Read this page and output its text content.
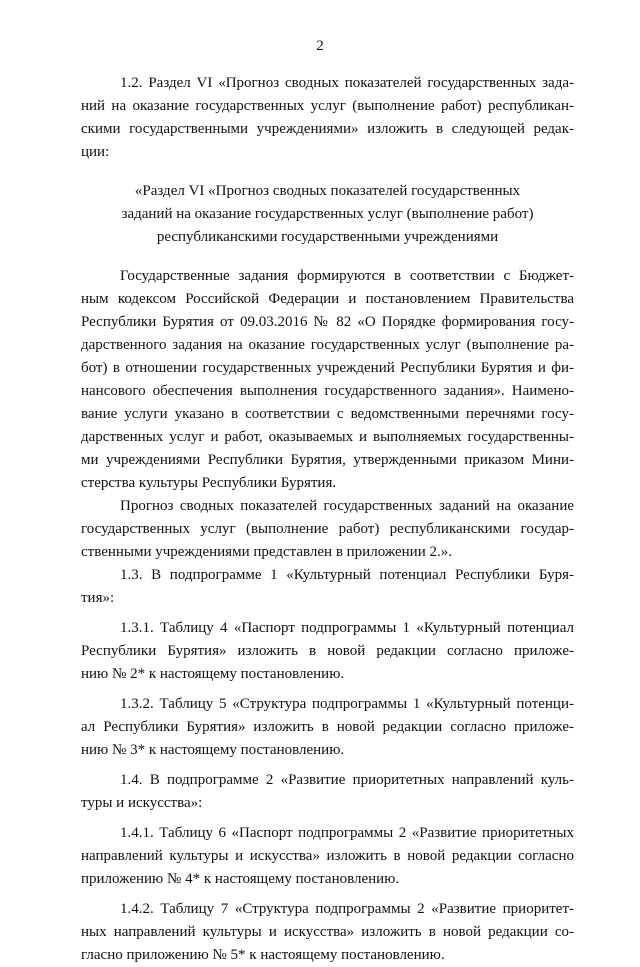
2
1.2. Раздел VI «Прогноз сводных показателей государственных зада-
ний на оказание государственных услуг (выполнение работ) республикан-
скими государственными учреждениями» изложить в следующей редак-
ции:
«Раздел VI «Прогноз сводных показателей государственных
заданий на оказание государственных услуг (выполнение работ)
республиканскими государственными учреждениями
Государственные задания формируются в соответствии с Бюджет-
ным кодексом Российской Федерации и постановлением Правительства
Республики Бурятия от 09.03.2016 № 82 «О Порядке формирования госу-
дарственного задания на оказание государственных услуг (выполнение ра-
бот) в отношении государственных учреждений Республики Бурятия и фи-
нансового обеспечения выполнения государственного задания». Наимено-
вание услуги указано в соответствии с ведомственными перечнями госу-
дарственных услуг и работ, оказываемых и выполняемых государственны-
ми учреждениями Республики Бурятия, утвержденными приказом Мини-
стерства культуры Республики Бурятия.
Прогноз сводных показателей государственных заданий на оказание
государственных услуг (выполнение работ) республиканскими государ-
ственными учреждениями представлен в приложении 2.».
1.3. В подпрограмме 1 «Культурный потенциал Республики Буря-
тия»:
1.3.1. Таблицу 4 «Паспорт подпрограммы 1 «Культурный потенциал
Республики Бурятия» изложить в новой редакции согласно приложе-
нию № 2* к настоящему постановлению.
1.3.2. Таблицу 5 «Структура подпрограммы 1 «Культурный потенци-
ал Республики Бурятия» изложить в новой редакции согласно приложе-
нию № 3* к настоящему постановлению.
1.4. В подпрограмме 2 «Развитие приоритетных направлений куль-
туры и искусства»:
1.4.1. Таблицу 6 «Паспорт подпрограммы 2 «Развитие приоритетных
направлений культуры и искусства» изложить в новой редакции согласно
приложению № 4* к настоящему постановлению.
1.4.2. Таблицу 7 «Структура подпрограммы 2 «Развитие приоритет-
ных направлений культуры и искусства» изложить в новой редакции со-
гласно приложению № 5* к настоящему постановлению.
